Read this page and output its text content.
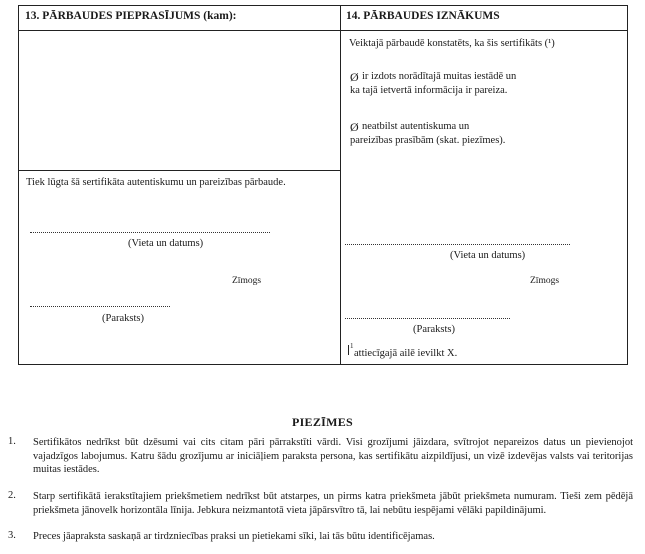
13. PĀRBAUDES PIEPRASĪJUMS (kam):
Tiek lūgta šā sertifikāta autentiskumu un pareizības pārbaude.
(Vieta un datums)
Zīmogs
(Paraksts)
14. PĀRBAUDES IZNĀKUMS
Veiktajā pārbaudē konstatēts, ka šis sertifikāts (¹)
Ø ir izdots norādītajā muitas iestādē un
ka tajā ietvertā informācija ir pareiza.
Ø neatbilst autentiskuma un
pareizības prasībām (skat. piezīmes).
(Vieta un datums)
Zīmogs
(Paraksts)
1
attiecīgajā ailē ievilkt X.
PIEZĪMES
1. Sertifikātos nedrīkst būt dzēsumi vai cits citam pāri pārrakstīti vārdi. Visi grozījumi jāizdara, svītrojot nepareizos datus un pievienojot vajadzīgos labojumus. Katru šādu grozījumu ar iniciāļiem paraksta persona, kas sertifikātu aizpildījusi, un vizē izdevējas valsts vai teritorijas muitas iestādes.
2. Starp sertifikātā ierakstītajiem priekšmetiem nedrīkst būt atstarpes, un pirms katra priekšmeta jābūt priekšmeta numuram. Tieši zem pēdējā priekšmeta jānovelk horizontāla līnija. Jebkura neizmantotā vieta jāpārsvītro tā, lai nebūtu iespējami vēlāki papildinājumi.
3. Preces jāapraksta saskaņā ar tirdzniecības praksi un pietiekami sīki, lai tās būtu identificējamas.
